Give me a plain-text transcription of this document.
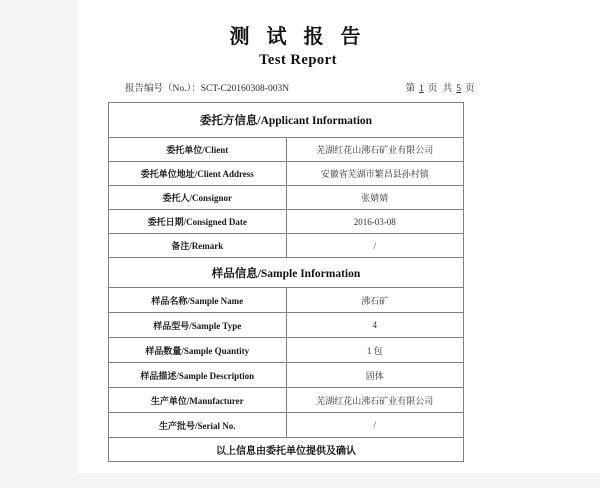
测 试 报 告
Test Report
报告编号（No.）：SCT-C20160308-003N	第 1 页 共 5 页
委托方信息/Applicant Information	
委托单位/Client	芜湖红花山沸石矿业有限公司
委托单位地址/Client Address	安徽省芜湖市繁昌县孙村镇
委托人/Consignor	张婧婧
委托日期/Consigned Date	2016-03-08
备注/Remark	/
样品信息/Sample Information	
样品名称/Sample Name	沸石矿
样品型号/Sample Type	4
样品数量/Sample Quantity	1 包
样品描述/Sample Description	固体
生产单位/Manufacturer	芜湖红花山沸石矿业有限公司
生产批号/Serial No.	/
以上信息由委托单位提供及确认	
